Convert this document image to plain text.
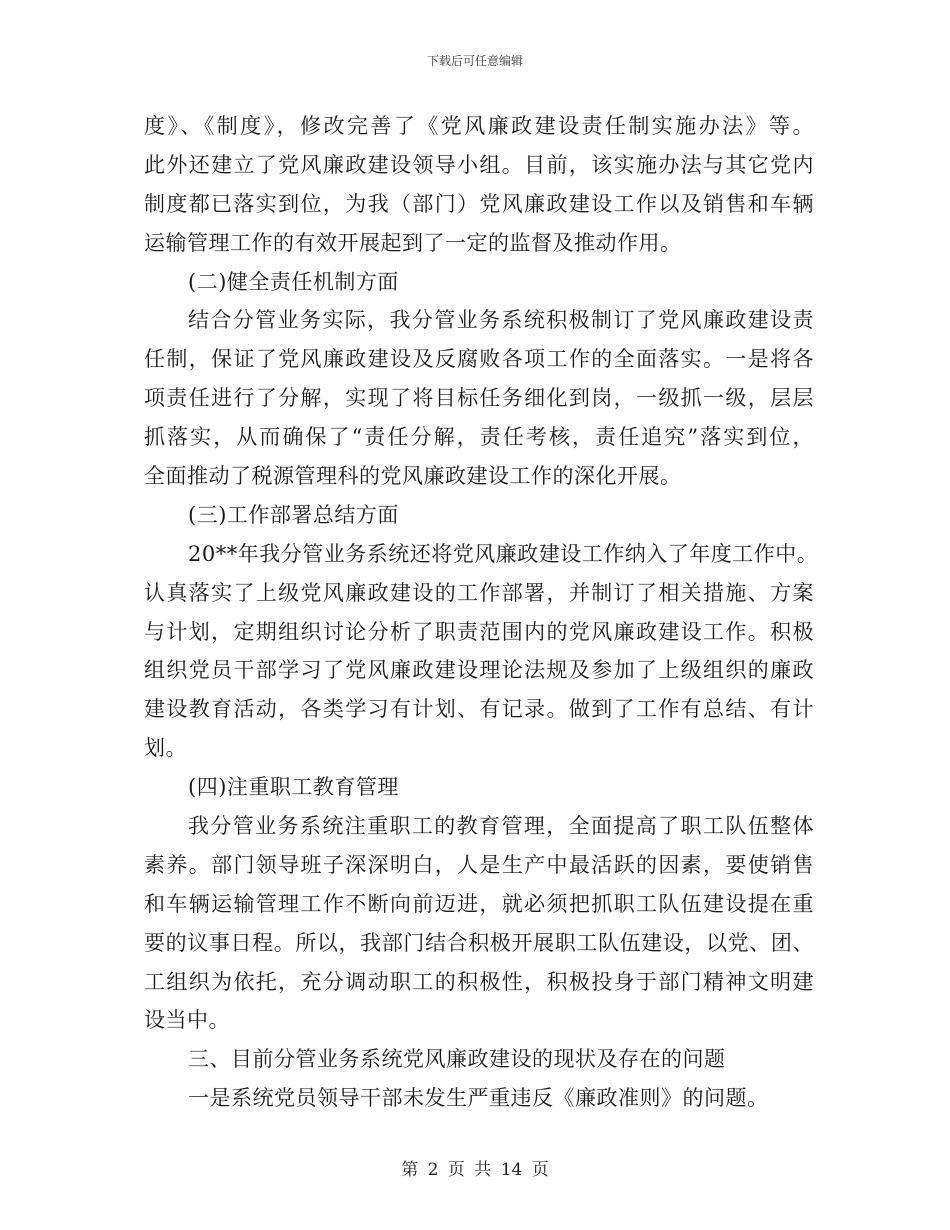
下载后可任意编辑
度》、《制度》，修改完善了《党风廉政建设责任制实施办法》等。
此外还建立了党风廉政建设领导小组。目前，该实施办法与其它党内
制度都已落实到位，为我（部门）党风廉政建设工作以及销售和车辆
运输管理工作的有效开展起到了一定的监督及推动作用。
(二)健全责任机制方面
结合分管业务实际，我分管业务系统积极制订了党风廉政建设责
任制，保证了党风廉政建设及反腐败各项工作的全面落实。一是将各
项责任进行了分解，实现了将目标任务细化到岗，一级抓一级，层层
抓落实，从而确保了“责任分解，责任考核，责任追究”落实到位，
全面推动了税源管理科的党风廉政建设工作的深化开展。
(三)工作部署总结方面
20**年我分管业务系统还将党风廉政建设工作纳入了年度工作中。
认真落实了上级党风廉政建设的工作部署，并制订了相关措施、方案
与计划，定期组织讨论分析了职责范围内的党风廉政建设工作。积极
组织党员干部学习了党风廉政建设理论法规及参加了上级组织的廉政
建设教育活动，各类学习有计划、有记录。做到了工作有总结、有计
划。
(四)注重职工教育管理
我分管业务系统注重职工的教育管理，全面提高了职工队伍整体
素养。部门领导班子深深明白，人是生产中最活跃的因素，要使销售
和车辆运输管理工作不断向前迈进，就必须把抓职工队伍建设提在重
要的议事日程。所以，我部门结合积极开展职工队伍建设，以党、团、
工组织为依托，充分调动职工的积极性，积极投身于部门精神文明建
设当中。
三、目前分管业务系统党风廉政建设的现状及存在的问题
一是系统党员领导干部未发生严重违反《廉政准则》的问题。
第 2 页 共 14 页
